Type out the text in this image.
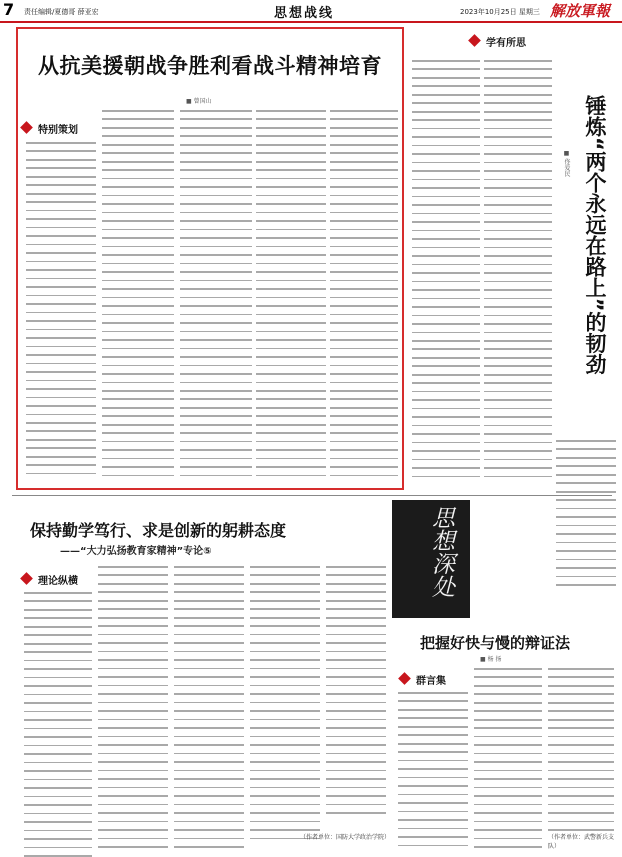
7 责任编辑/夏德哥 薛亚宏	思想战线	2023年10月25日 星期三 解放軍報
从抗美援朝战争胜利看战斗精神培育
■ 曾国山
特别策划
学有所思
锤炼“两个永远在路上”的韧劲
■ 佟爱民
保持勤学笃行、求是创新的躬耕态度
——“大力弘扬教育家精神”专论⑤
理论纵横
（作者单位：国防大学政治学院）
思想深处
把握好快与慢的辩证法
■ 杨 扬
群言集
（作者单位：武警新兵支队）
